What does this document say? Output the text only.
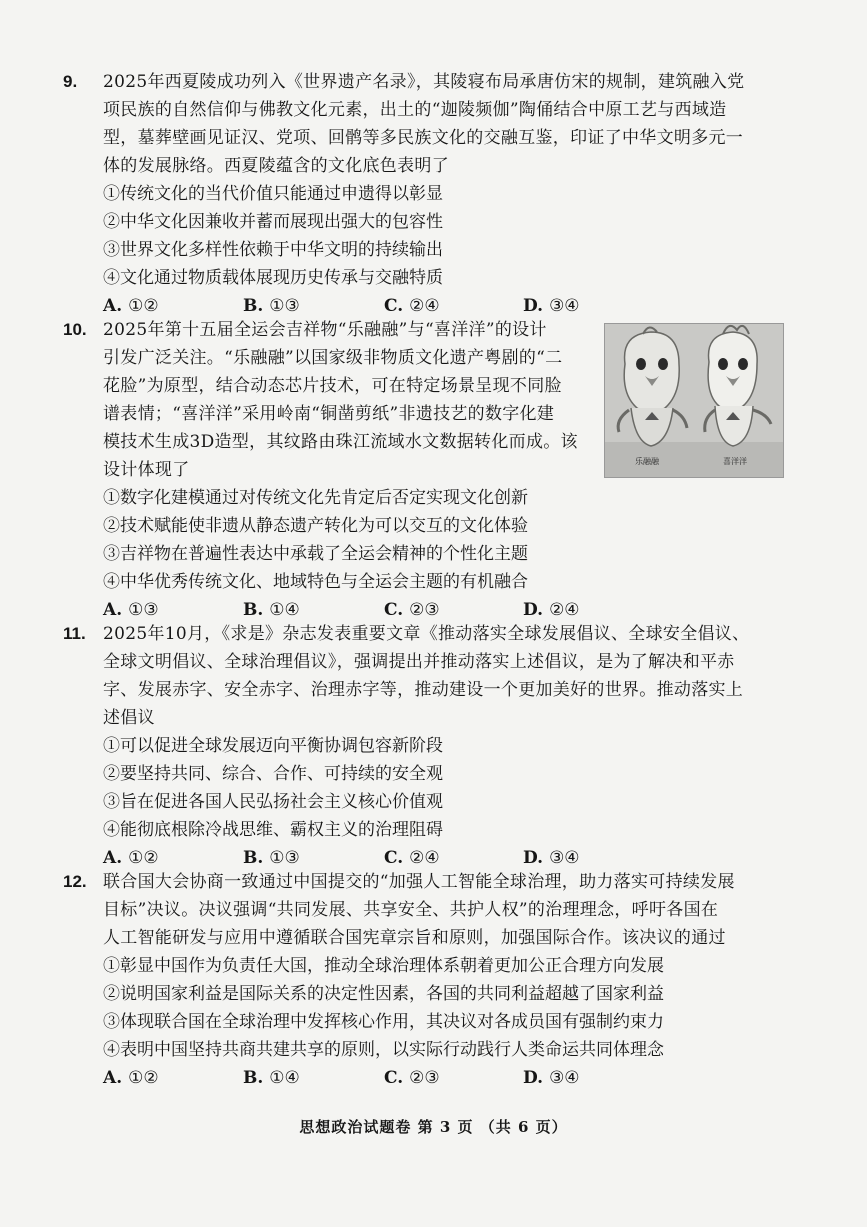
9. 2025年西夏陵成功列入《世界遗产名录》，其陵寝布局承唐仿宋的规制，建筑融入党
项民族的自然信仰与佛教文化元素，出土的“迦陵频伽”陶俑结合中原工艺与西域造
型，墓葬壁画见证汉、党项、回鹘等多民族文化的交融互鉴，印证了中华文明多元一
体的发展脉络。西夏陵蕴含的文化底色表明了
①传统文化的当代价值只能通过申遗得以彰显
②中华文化因兼收并蓄而展现出强大的包容性
③世界文化多样性依赖于中华文明的持续输出
④文化通过物质载体展现历史传承与交融特质
A. ①②	B. ①③	C. ②④	D. ③④
10. 2025年第十五届全运会吉祥物“乐融融”与“喜洋洋”的设计
引发广泛关注。“乐融融”以国家级非物质文化遗产粤剧的“二
花脸”为原型，结合动态芯片技术，可在特定场景呈现不同脸
谱表情；“喜洋洋”采用岭南“铜凿剪纸”非遗技艺的数字化建
模技术生成3D造型，其纹路由珠江流域水文数据转化而成。该
设计体现了
①数字化建模通过对传统文化先肯定后否定实现文化创新
②技术赋能使非遗从静态遗产转化为可以交互的文化体验
③吉祥物在普遍性表达中承载了全运会精神的个性化主题
④中华优秀传统文化、地域特色与全运会主题的有机融合
A. ①③	B. ①④	C. ②③	D. ②④
乐融融	喜洋洋
11. 2025年10月，《求是》杂志发表重要文章《推动落实全球发展倡议、全球安全倡议、
全球文明倡议、全球治理倡议》，强调提出并推动落实上述倡议，是为了解决和平赤
字、发展赤字、安全赤字、治理赤字等，推动建设一个更加美好的世界。推动落实上
述倡议
①可以促进全球发展迈向平衡协调包容新阶段
②要坚持共同、综合、合作、可持续的安全观
③旨在促进各国人民弘扬社会主义核心价值观
④能彻底根除冷战思维、霸权主义的治理阻碍
A. ①②	B. ①③	C. ②④	D. ③④
12. 联合国大会协商一致通过中国提交的“加强人工智能全球治理，助力落实可持续发展
目标”决议。决议强调“共同发展、共享安全、共护人权”的治理理念，呼吁各国在
人工智能研发与应用中遵循联合国宪章宗旨和原则，加强国际合作。该决议的通过
①彰显中国作为负责任大国，推动全球治理体系朝着更加公正合理方向发展
②说明国家利益是国际关系的决定性因素，各国的共同利益超越了国家利益
③体现联合国在全球治理中发挥核心作用，其决议对各成员国有强制约束力
④表明中国坚持共商共建共享的原则，以实际行动践行人类命运共同体理念
A. ①②	B. ①④	C. ②③	D. ③④
思想政治试题卷 第 3 页 （共 6 页）
